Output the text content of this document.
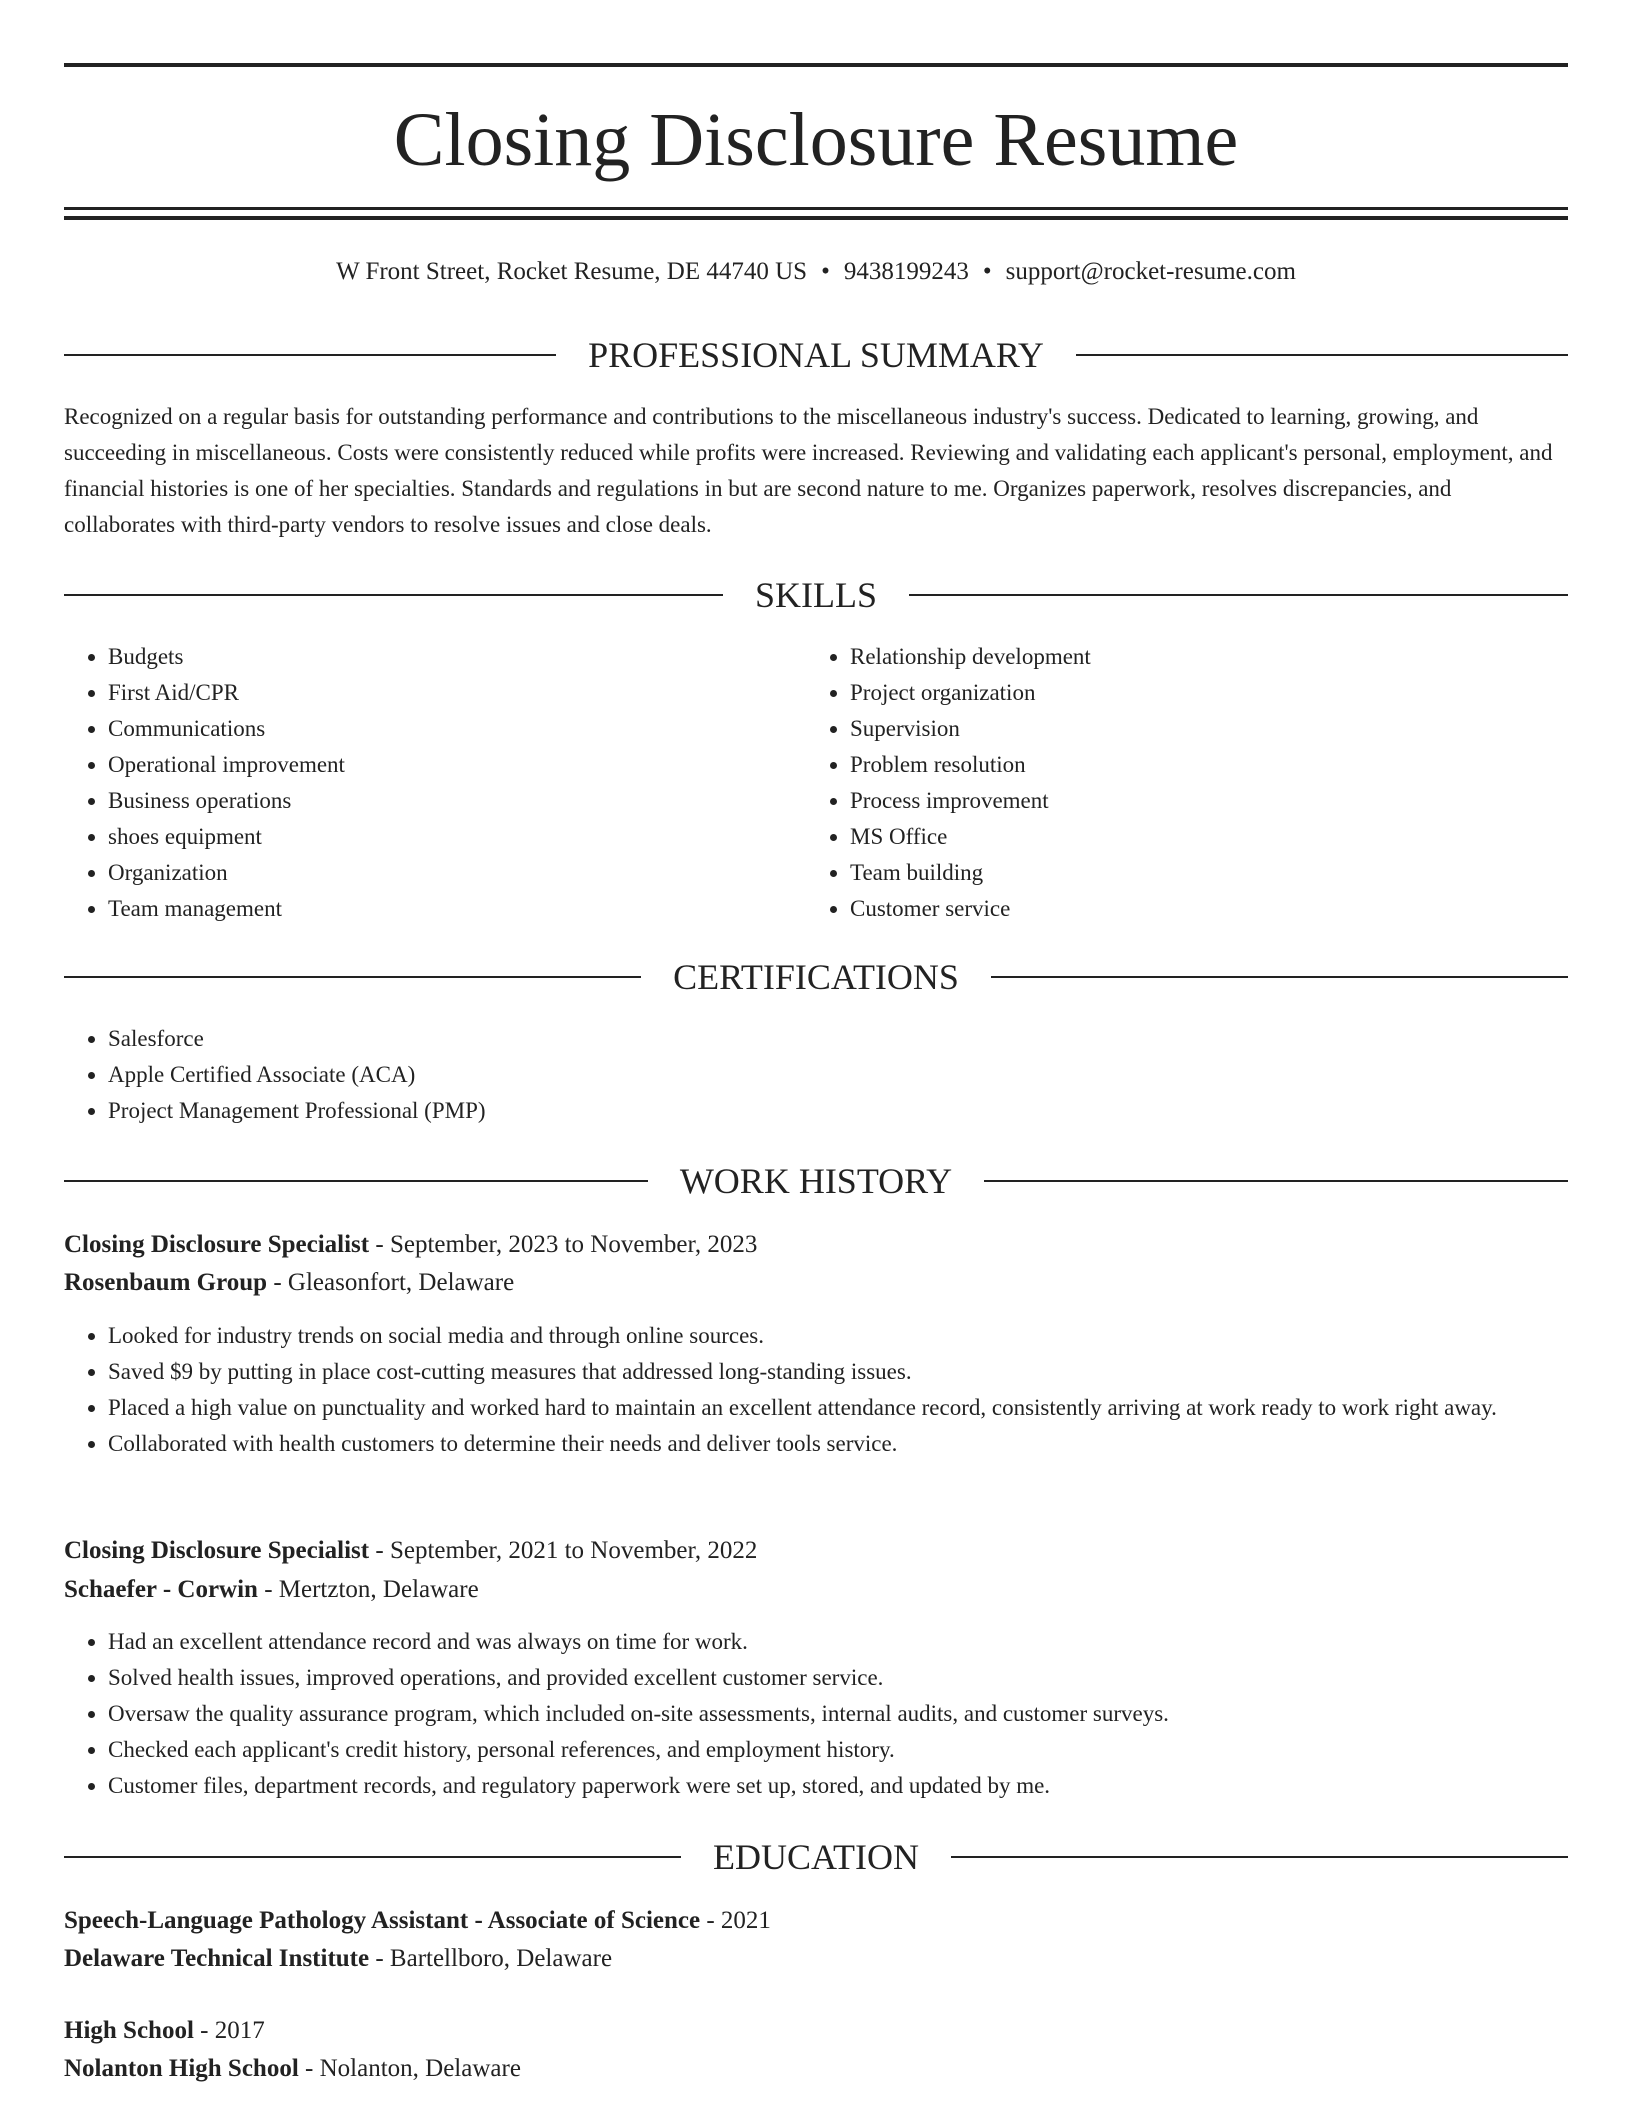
Closing Disclosure Resume
W Front Street, Rocket Resume, DE 44740 US • 9438199243 • support@rocket-resume.com
PROFESSIONAL SUMMARY

Recognized on a regular basis for outstanding performance and contributions to the miscellaneous industry's success. Dedicated to learning, growing, and succeeding in miscellaneous. Costs were consistently reduced while profits were increased. Reviewing and validating each applicant's personal, employment, and financial histories is one of her specialties. Standards and regulations in but are second nature to me. Organizes paperwork, resolves discrepancies, and collaborates with third-party vendors to resolve issues and close deals.

SKILLS
• Budgets
• First Aid/CPR
• Communications
• Operational improvement
• Business operations
• shoes equipment
• Organization
• Team management
• Relationship development
• Project organization
• Supervision
• Problem resolution
• Process improvement
• MS Office
• Team building
• Customer service
CERTIFICATIONS
• Salesforce
• Apple Certified Associate (ACA)
• Project Management Professional (PMP)
WORK HISTORY
Closing Disclosure Specialist - September, 2023 to November, 2023
Rosenbaum Group - Gleasonfort, Delaware
• Looked for industry trends on social media and through online sources.
• Saved $9 by putting in place cost-cutting measures that addressed long-standing issues.
• Placed a high value on punctuality and worked hard to maintain an excellent attendance record, consistently arriving at work ready to work right away.
• Collaborated with health customers to determine their needs and deliver tools service.
Closing Disclosure Specialist - September, 2021 to November, 2022
Schaefer - Corwin - Mertzton, Delaware
• Had an excellent attendance record and was always on time for work.
• Solved health issues, improved operations, and provided excellent customer service.
• Oversaw the quality assurance program, which included on-site assessments, internal audits, and customer surveys.
• Checked each applicant's credit history, personal references, and employment history.
• Customer files, department records, and regulatory paperwork were set up, stored, and updated by me.
EDUCATION
Speech-Language Pathology Assistant - Associate of Science - 2021
Delaware Technical Institute - Bartellboro, Delaware
High School - 2017
Nolanton High School - Nolanton, Delaware
